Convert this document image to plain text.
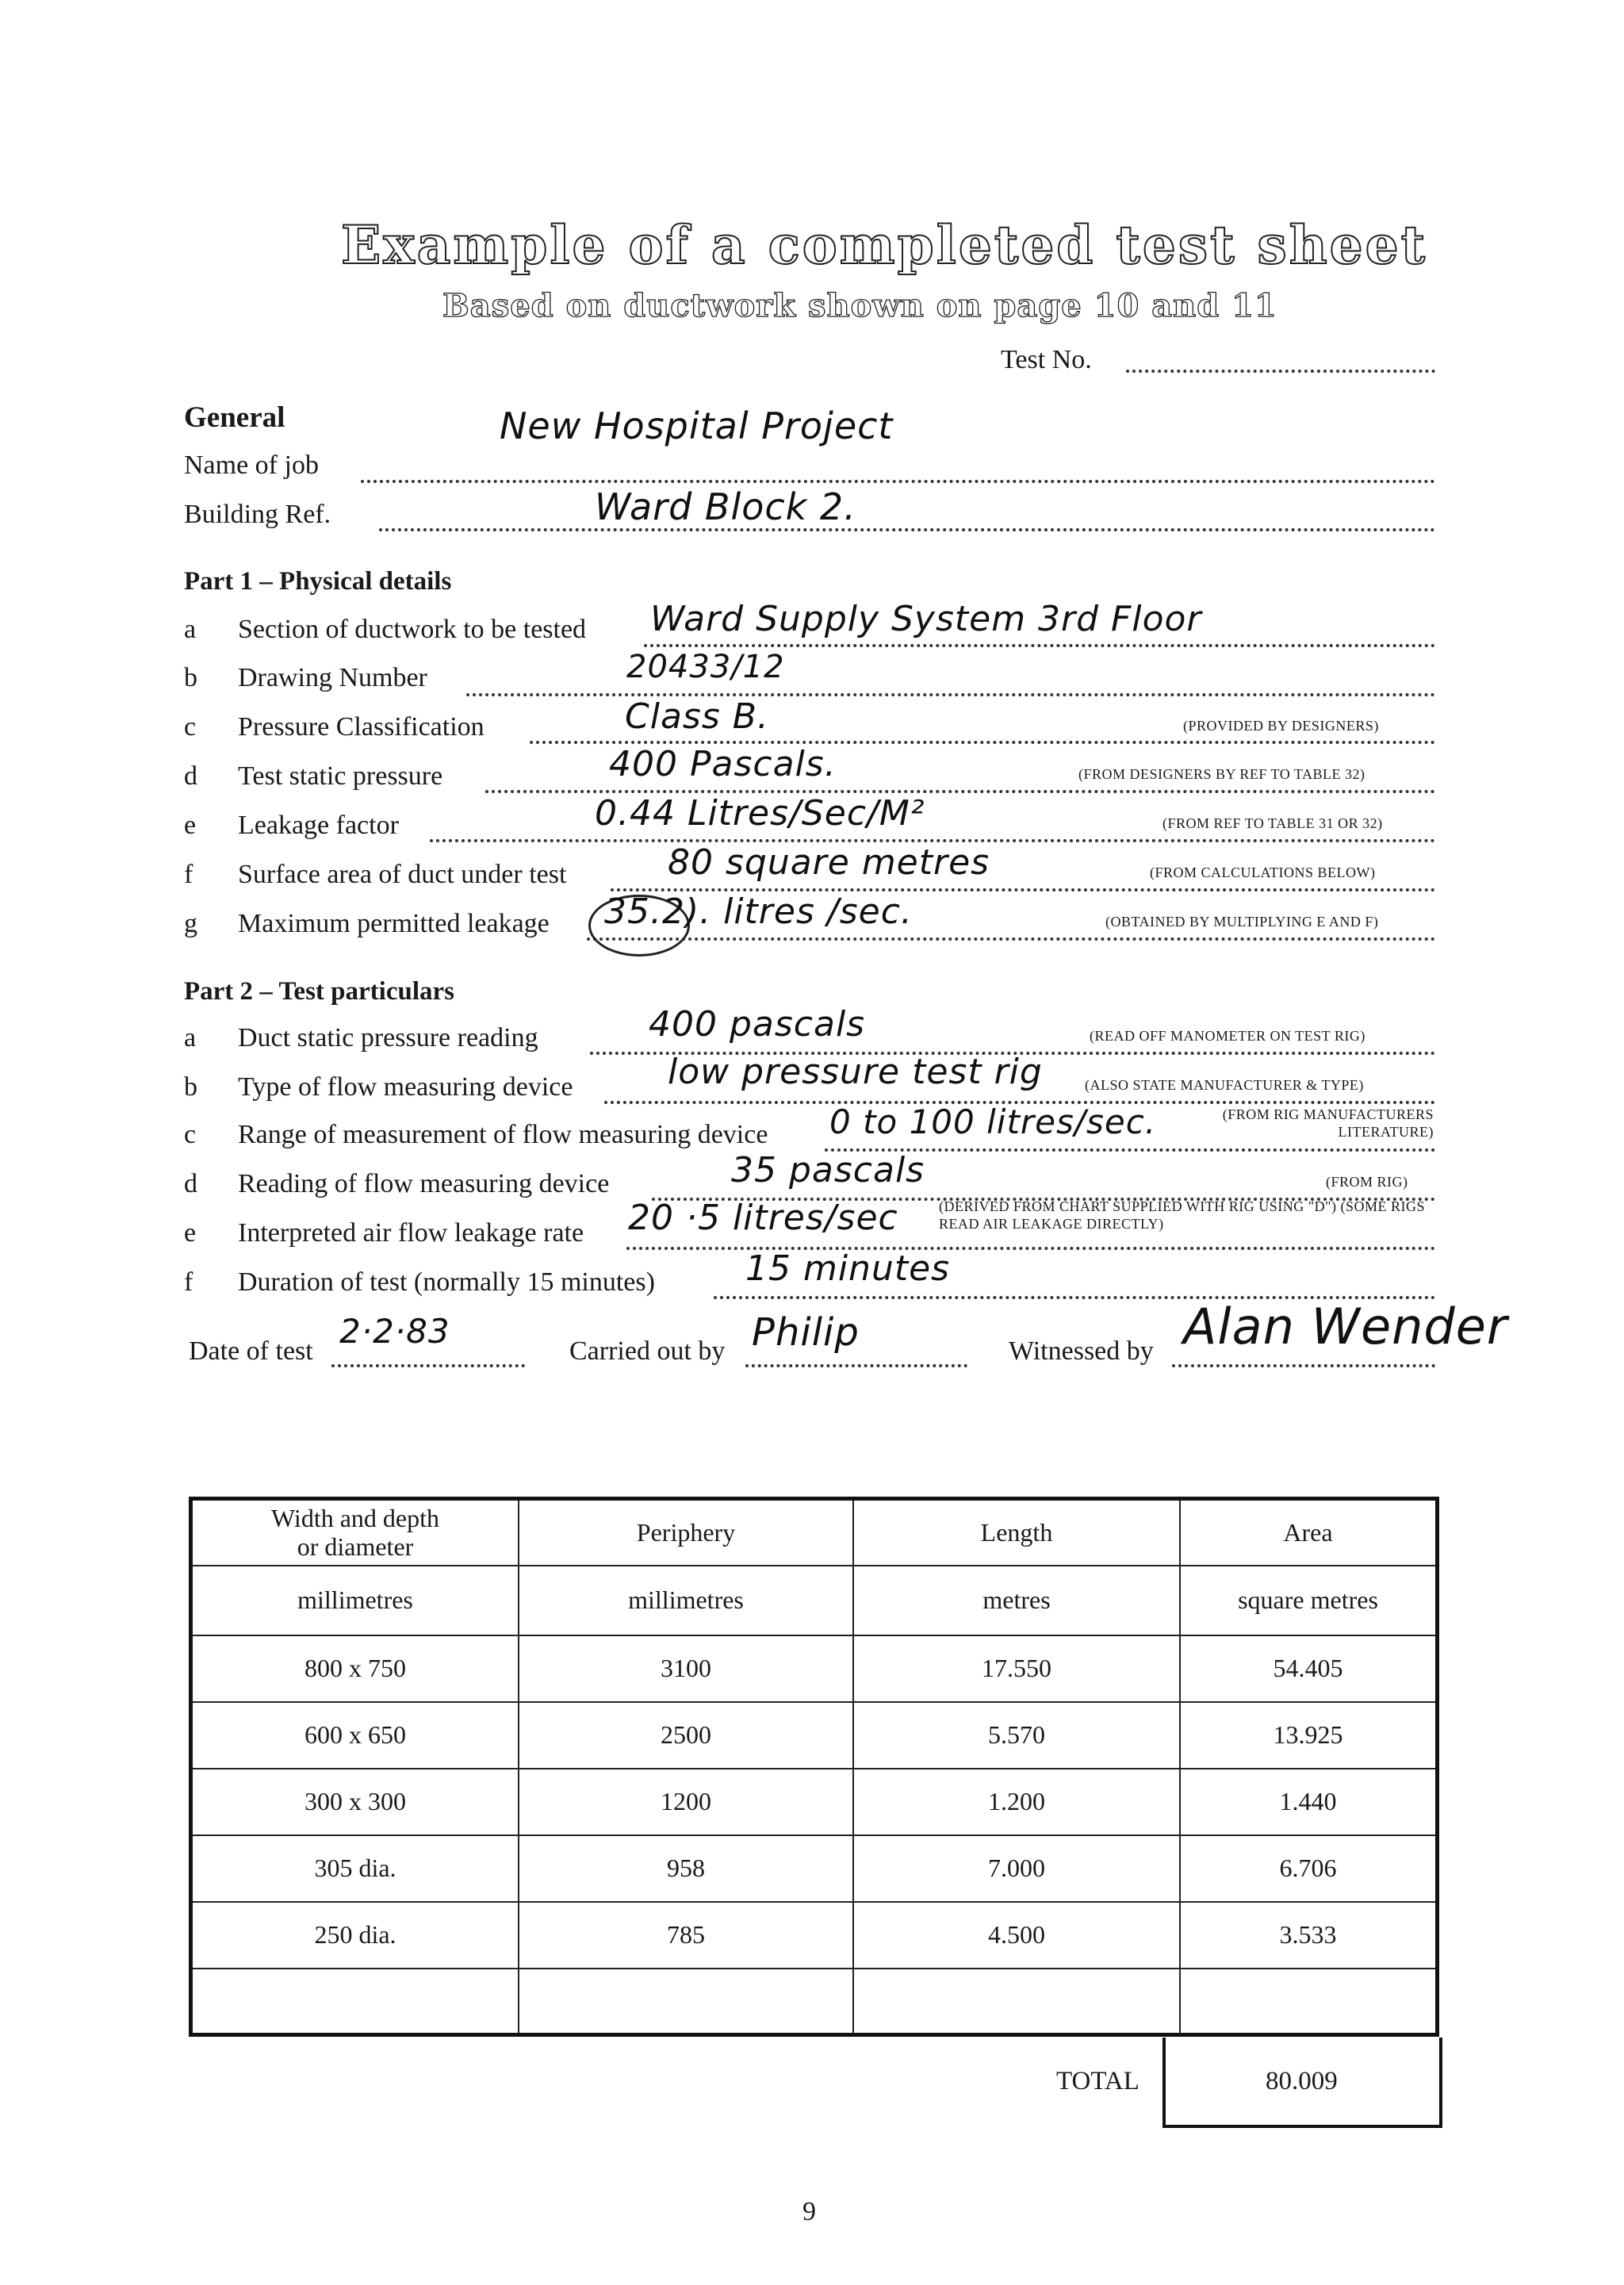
Example of a completed test sheet
Based on ductwork shown on page 10 and 11
Test No.
General
Name of job
New Hospital Project
Building Ref.	Ward Block 2.
Part 1 – Physical details
a Section of ductwork to be tested Ward Supply System 3rd Floor
b Drawing Number	20433/12
c Pressure Classification	Class B.	(PROVIDED BY DESIGNERS)
d Test static pressure	400 Pascals.	(FROM DESIGNERS BY REF TO TABLE 32)
e Leakage factor	0.44 Litres/Sec/M²	(FROM REF TO TABLE 31 OR 32)
f Surface area of duct under test	80 square metres	(FROM CALCULATIONS BELOW)
g Maximum permitted leakage 35.2). litres /sec.	(OBTAINED BY MULTIPLYING E AND F)
Part 2 – Test particulars
a Duct static pressure reading	400 pascals	(READ OFF MANOMETER ON TEST RIG)
b Type of flow measuring device	low pressure test rig	(ALSO STATE MANUFACTURER & TYPE)
c Range of measurement of flow measuring device 0 to 100 litres/sec.	(FROM RIG MANUFACTURERS LITERATURE)
d Reading of flow measuring device	35 pascals	(FROM RIG)
e Interpreted air flow leakage rate 20 ·5 litres/sec	(DERIVED FROM CHART SUPPLIED WITH RIG USING "D") (SOME RIGS READ AIR LEAKAGE DIRECTLY)
f Duration of test (normally 15 minutes)	15 minutes
Date of test
2·2·83
Carried out by Philip	Witnessed by Alan Wender
Width and depth or diameter	Periphery	Length	Area
millimetres	millimetres	metres	square metres
800 x 750	3100	17.550	54.405
600 x 650	2500	5.570	13.925
300 x 300	1200	1.200	1.440
305 dia.	958	7.000	6.706
250 dia.	785	4.500	3.533

TOTAL	80.009
9
